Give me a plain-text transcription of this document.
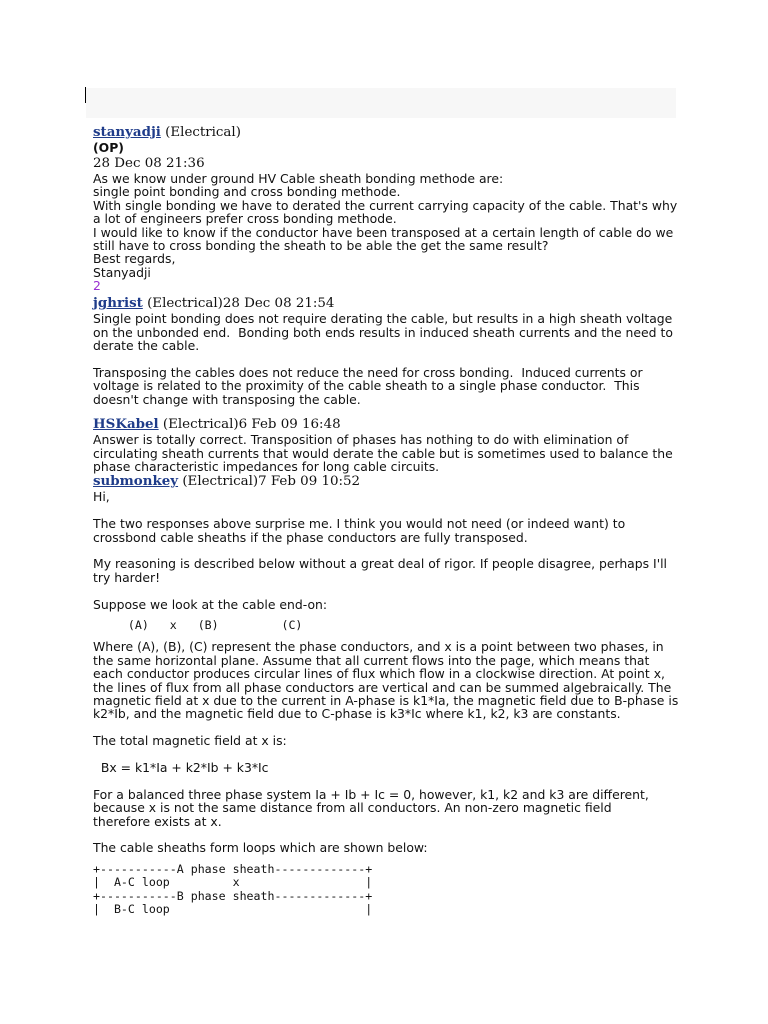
stanyadji (Electrical)
(OP)
28 Dec 08 21:36
As we know under ground HV Cable sheath bonding methode are:
single point bonding and cross bonding methode.
With single bonding we have to derated the current carrying capacity of the cable. That's why
a lot of engineers prefer cross bonding methode.
I would like to know if the conductor have been transposed at a certain length of cable do we
still have to cross bonding the sheath to be able the get the same result?
Best regards,
Stanyadji
2
jghrist (Electrical)28 Dec 08 21:54
Single point bonding does not require derating the cable, but results in a high sheath voltage
on the unbonded end.  Bonding both ends results in induced sheath currents and the need to
derate the cable.

Transposing the cables does not reduce the need for cross bonding.  Induced currents or
voltage is related to the proximity of the cable sheath to a single phase conductor.  This
doesn't change with transposing the cable.
HSKabel (Electrical)6 Feb 09 16:48
Answer is totally correct. Transposition of phases has nothing to do with elimination of
circulating sheath currents that would derate the cable but is sometimes used to balance the
phase characteristic impedances for long cable circuits.
submonkey (Electrical)7 Feb 09 10:52
Hi,

The two responses above surprise me. I think you would not need (or indeed want) to
crossbond cable sheaths if the phase conductors are fully transposed.

My reasoning is described below without a great deal of rigor. If people disagree, perhaps I'll
try harder!

Suppose we look at the cable end-on:
(A)   x   (B)         (C)
Where (A), (B), (C) represent the phase conductors, and x is a point between two phases, in
the same horizontal plane. Assume that all current flows into the page, which means that
each conductor produces circular lines of flux which flow in a clockwise direction. At point x,
the lines of flux from all phase conductors are vertical and can be summed algebraically. The
magnetic field at x due to the current in A-phase is k1*Ia, the magnetic field due to B-phase is
k2*Ib, and the magnetic field due to C-phase is k3*Ic where k1, k2, k3 are constants.

The total magnetic field at x is:

Bx = k1*Ia + k2*Ib + k3*Ic

For a balanced three phase system Ia + Ib + Ic = 0, however, k1, k2 and k3 are different,
because x is not the same distance from all conductors. An non-zero magnetic field
therefore exists at x.

The cable sheaths form loops which are shown below:
+-----------A phase sheath-------------+
|  A-C loop         x                  |
+-----------B phase sheath-------------+
|  B-C loop                            |
